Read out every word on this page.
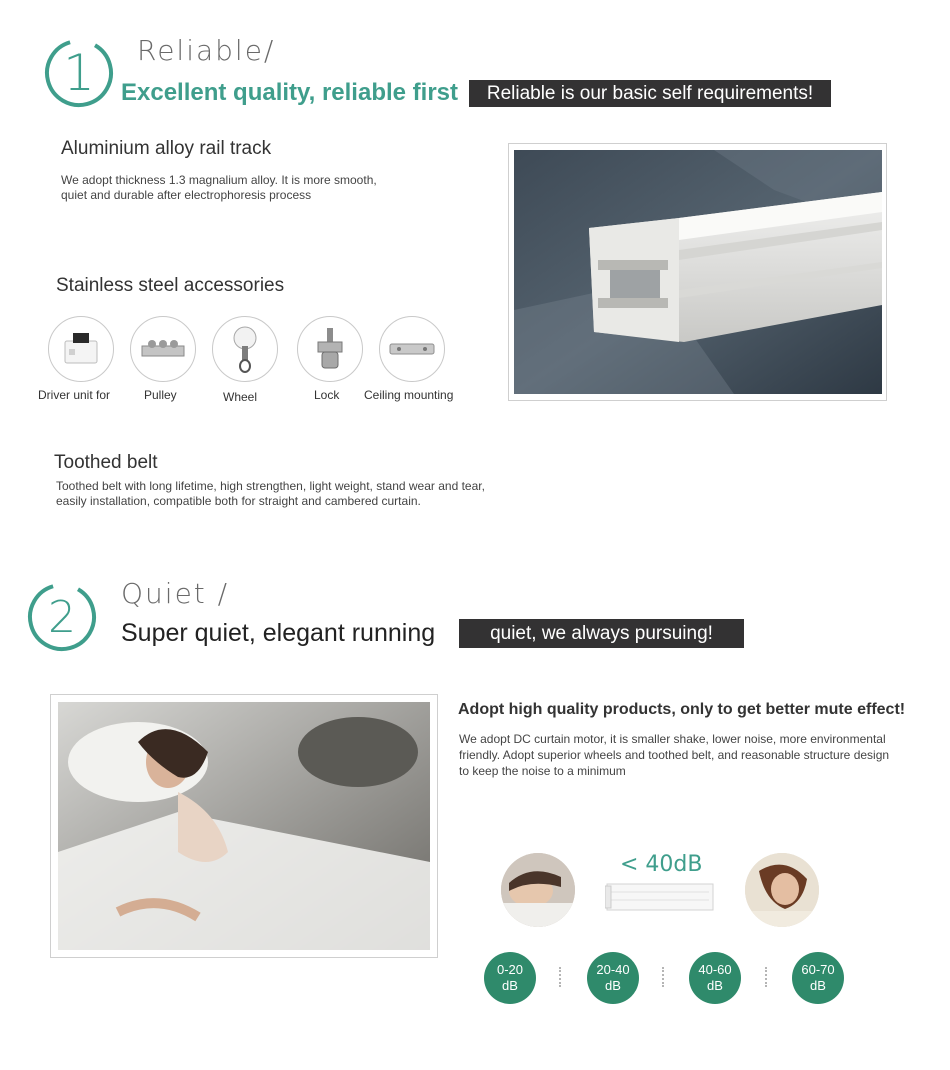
1	Reliable/
Excellent quality, reliable first	Reliable is our basic self requirements!
Aluminium alloy rail track
We adopt thickness 1.3 magnalium alloy. It is more smooth,
quiet and durable after electrophoresis process
Stainless steel accessories
Driver unit for	Pulley	Wheel	Lock Ceiling mounting
Toothed belt
Toothed belt with long lifetime, high strengthen, light weight, stand wear and tear,
easily installation, compatible both for straight and cambered curtain.
2	Quiet /
Super quiet, elegant running	quiet, we always pursuing!
Adopt high quality products, only to get better mute effect!
We adopt DC curtain motor, it is smaller shake, lower noise, more environmental
friendly. Adopt superior wheels and toothed belt, and reasonable structure design
to keep the noise to a minimum
< 40dB
0-20
dB
20-40
dB
40-60
dB
60-70
dB
